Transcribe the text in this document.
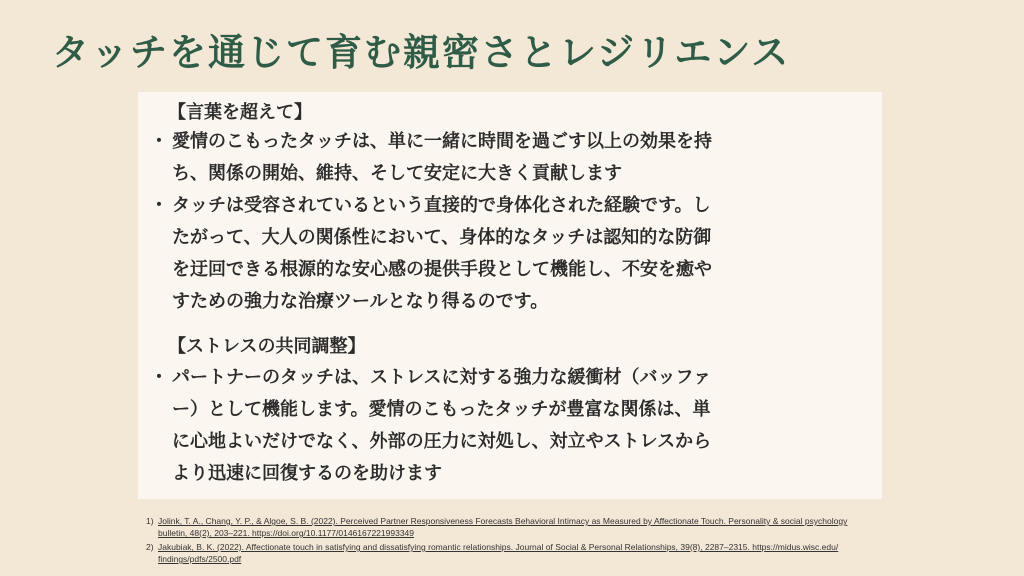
タッチを通じて育む親密さとレジリエンス
【言葉を超えて】
・ 愛情のこもったタッチは、単に一緒に時間を過ごす以上の効果を持
ち、関係の開始、維持、そして安定に大きく貢献します
・ タッチは受容されているという直接的で身体化された経験です。し
たがって、大人の関係性において、身体的なタッチは認知的な防御
を迂回できる根源的な安心感の提供手段として機能し、不安を癒や
すための強力な治療ツールとなり得るのです。
【ストレスの共同調整】
・ パートナーのタッチは、ストレスに対する強力な緩衝材（バッファ
ー）として機能します。愛情のこもったタッチが豊富な関係は、単
に心地よいだけでなく、外部の圧力に対処し、対立やストレスから
より迅速に回復するのを助けます
1) Jolink, T. A., Chang, Y. P., & Algoe, S. B. (2022). Perceived Partner Responsiveness Forecasts Behavioral Intimacy as Measured by Affectionate Touch. Personality & social psychology
bulletin, 48(2), 203–221. https://doi.org/10.1177/0146167221993349
2) Jakubiak, B. K. (2022). Affectionate touch in satisfying and dissatisfying romantic relationships. Journal of Social & Personal Relationships, 39(8), 2287–2315. https://midus.wisc.edu/
findings/pdfs/2500.pdf
